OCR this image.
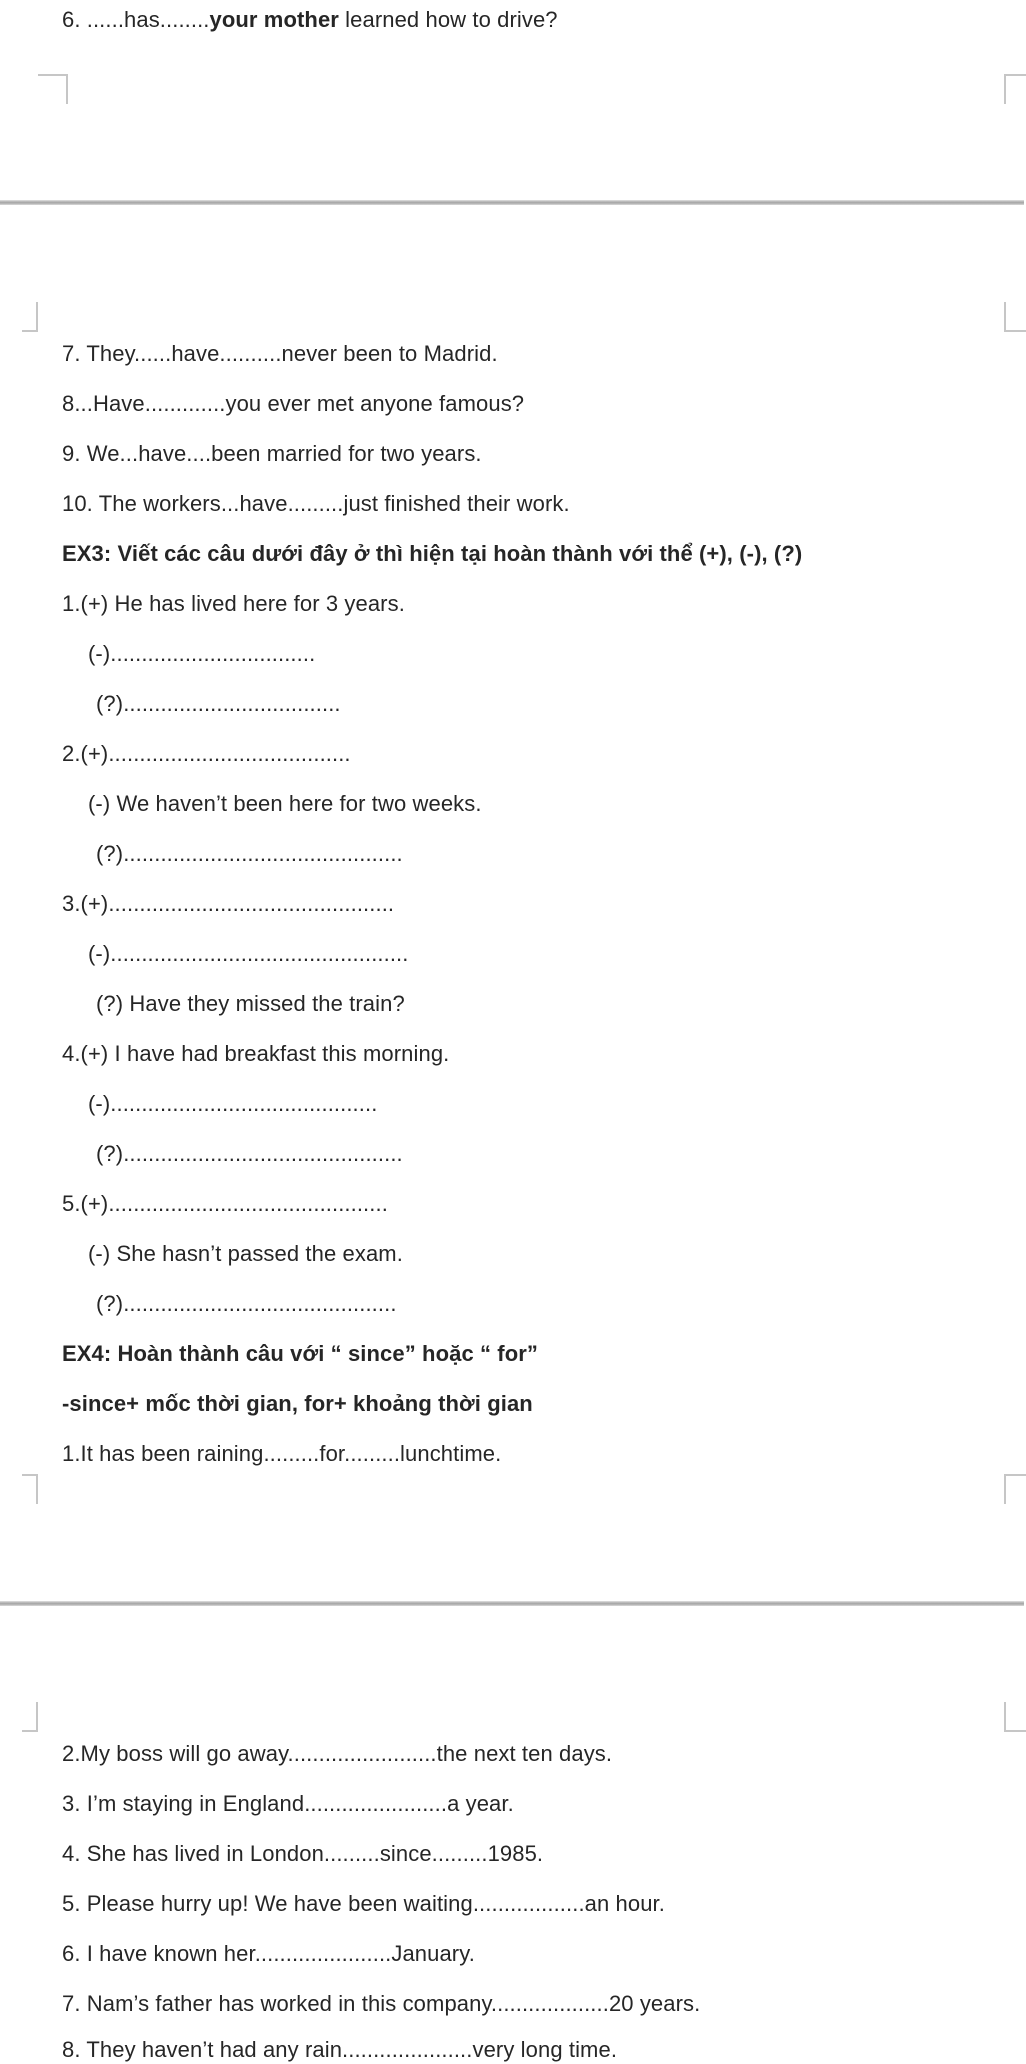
6. ......has........your mother learned how to drive?

7. They......have..........never been to Madrid.

8...Have.............you ever met anyone famous?

9. We...have....been married for two years.

10. The workers...have.........just finished their work.

EX3: Viết các câu dưới đây ở thì hiện tại hoàn thành với thể (+), (-), (?)

1.(+) He has lived here for 3 years.

(-).................................

(?)...................................

2.(+).......................................

(-) We haven’t been here for two weeks.

(?).............................................

3.(+)..............................................

(-)................................................

(?) Have they missed the train?

4.(+) I have had breakfast this morning.

(-)...........................................

(?).............................................

5.(+).............................................

(-) She hasn’t passed the exam.

(?)............................................

EX4: Hoàn thành câu với “ since” hoặc “ for”

-since+ mốc thời gian, for+ khoảng thời gian

1.It has been raining.........for.........lunchtime.

2.My boss will go away........................the next ten days.

3. I’m staying in England.......................a year.

4. She has lived in London.........since.........1985.

5. Please hurry up! We have been waiting..................an hour.

6. I have known her......................January.

7. Nam’s father has worked in this company...................20 years.

8. They haven’t had any rain.....................very long time.
